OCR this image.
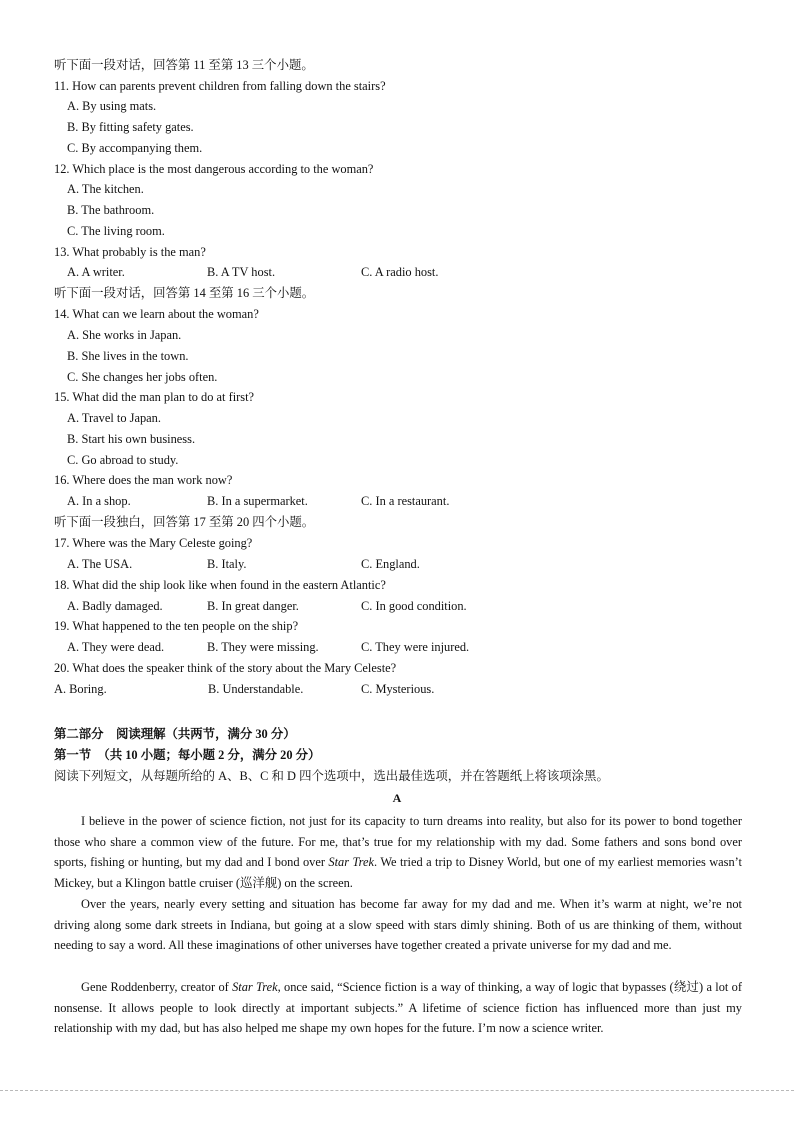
听下面一段对话，回答第 11 至第 13 三个小题。
11. How can parents prevent children from falling down the stairs?
A. By using mats.
B. By fitting safety gates.
C. By accompanying them.
12. Which place is the most dangerous according to the woman?
A. The kitchen.
B. The bathroom.
C. The living room.
13. What probably is the man?
A. A writer.	B. A TV host.	C. A radio host.
听下面一段对话，回答第 14 至第 16 三个小题。
14. What can we learn about the woman?
A. She works in Japan.
B. She lives in the town.
C. She changes her jobs often.
15. What did the man plan to do at first?
A. Travel to Japan.
B. Start his own business.
C. Go abroad to study.
16. Where does the man work now?
A. In a shop.	B. In a supermarket.	C. In a restaurant.
听下面一段独白，回答第 17 至第 20 四个小题。
17. Where was the Mary Celeste going?
A. The USA.	B. Italy.	C. England.
18. What did the ship look like when found in the eastern Atlantic?
A. Badly damaged.	B. In great danger.	C. In good condition.
19. What happened to the ten people on the ship?
A. They were dead.	B. They were missing.	C. They were injured.
20. What does the speaker think of the story about the Mary Celeste?
A. Boring.	B. Understandable.	C. Mysterious.
第二部分　阅读理解（共两节，满分 30 分）
第一节　（共 10 小题；每小题 2 分，满分 20 分）
阅读下列短文，从每题所给的 A、B、C 和 D 四个选项中，选出最佳选项，并在答题纸上将该项涂黑。
A

I believe in the power of science fiction, not just for its capacity to turn dreams into reality, but also for its power to bond together those who share a common view of the future. For me, that’s true for my relationship with my dad. Some fathers and sons bond over sports, fishing or hunting, but my dad and I bond over Star Trek. We tried a trip to Disney World, but one of my earliest memories wasn’t Mickey, but a Klingon battle cruiser (巡洋舰) on the screen.

Over the years, nearly every setting and situation has become far away for my dad and me. When it’s warm at night, we’re not driving along some dark streets in Indiana, but going at a slow speed with stars dimly shining. Both of us are thinking of them, without needing to say a word. All these imaginations of other universes have together created a private universe for my dad and me.

Gene Roddenberry, creator of Star Trek, once said, “Science fiction is a way of thinking, a way of logic that bypasses (绕过) a lot of nonsense. It allows people to look directly at important subjects.” A lifetime of science fiction has influenced more than just my relationship with my dad, but has also helped me shape my own hopes for the future. I’m now a science writer.
